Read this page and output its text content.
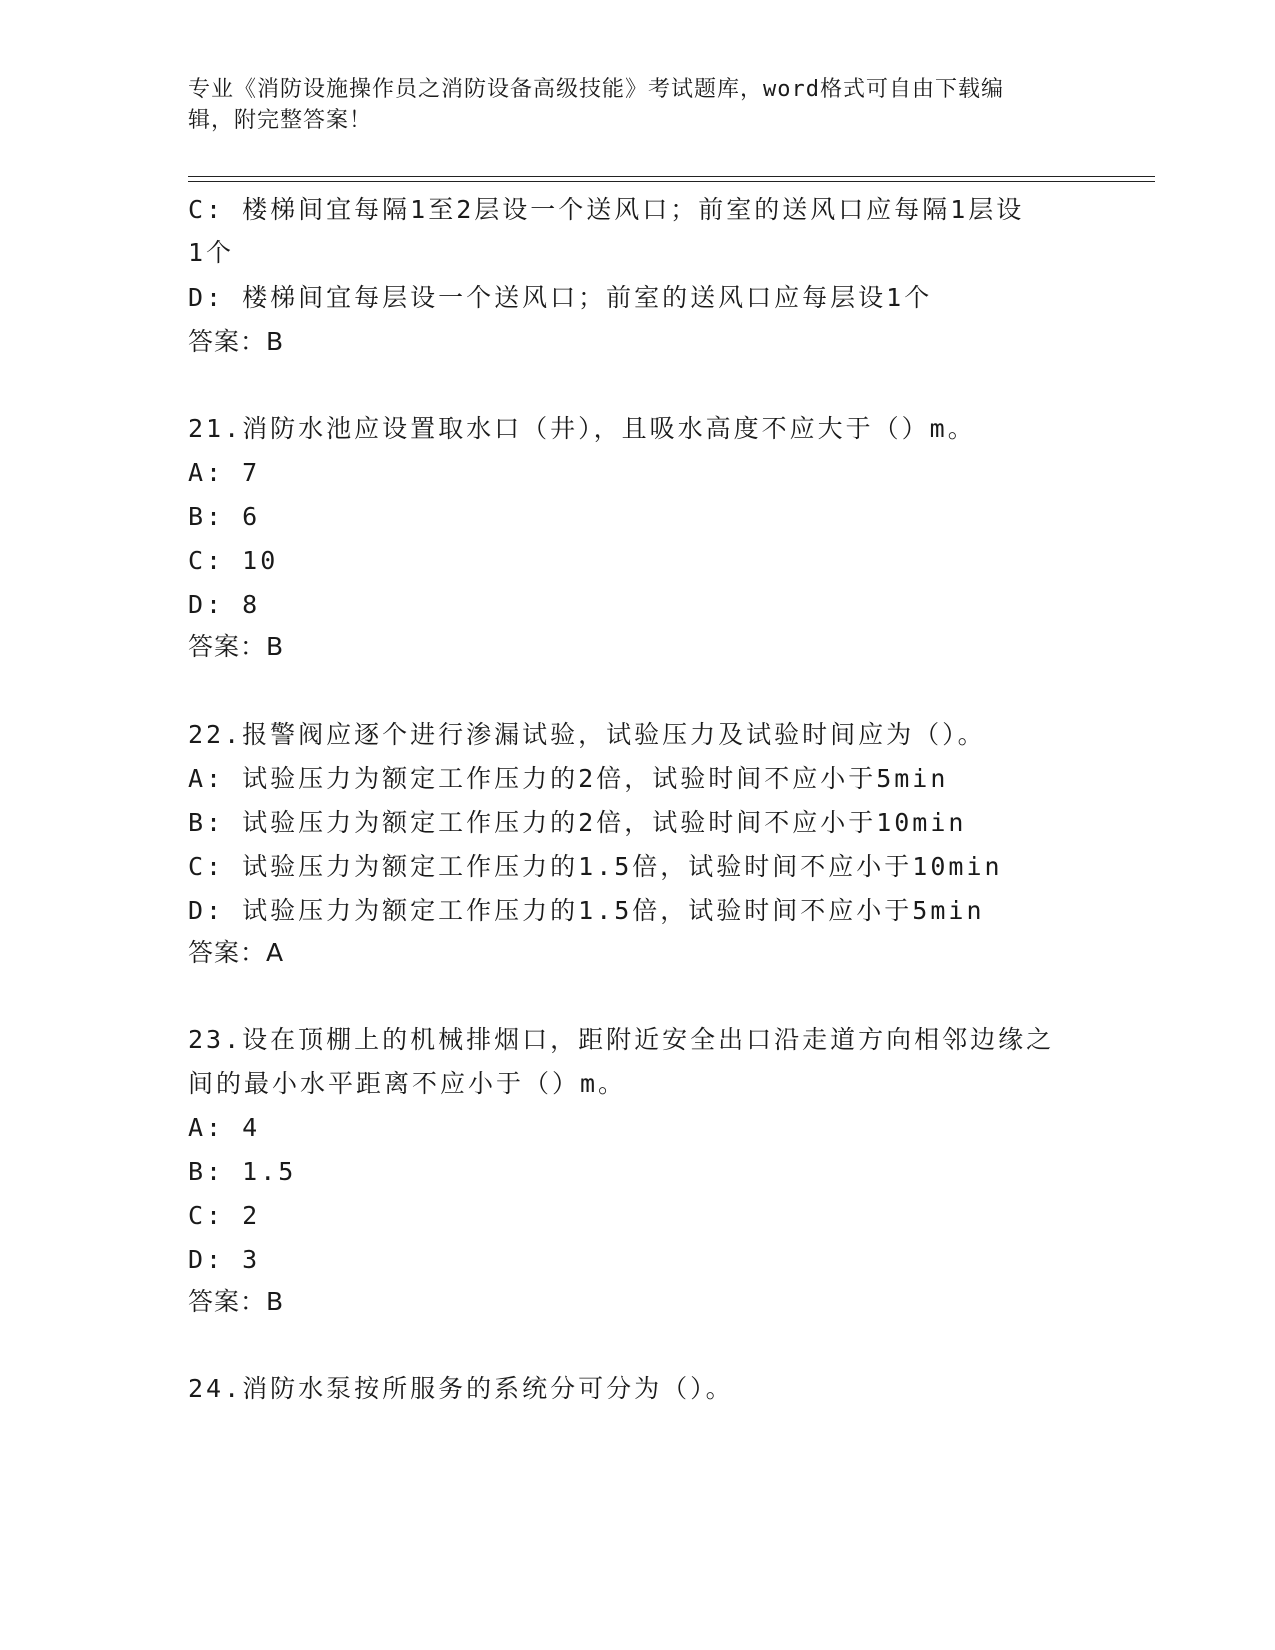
专业《消防设施操作员之消防设备高级技能》考试题库，word格式可自由下载编
辑，附完整答案！
C: 楼梯间宜每隔1至2层设一个送风口；前室的送风口应每隔1层设
1个
D: 楼梯间宜每层设一个送风口；前室的送风口应每层设1个
答案：B
21.消防水池应设置取水口（井），且吸水高度不应大于（）m。
A: 7
B: 6
C: 10
D: 8
答案：B
22.报警阀应逐个进行渗漏试验，试验压力及试验时间应为（）。
A: 试验压力为额定工作压力的2倍，试验时间不应小于5min
B: 试验压力为额定工作压力的2倍，试验时间不应小于10min
C: 试验压力为额定工作压力的1.5倍，试验时间不应小于10min
D: 试验压力为额定工作压力的1.5倍，试验时间不应小于5min
答案：A
23.设在顶棚上的机械排烟口，距附近安全出口沿走道方向相邻边缘之
间的最小水平距离不应小于（）m。
A: 4
B: 1.5
C: 2
D: 3
答案：B
24.消防水泵按所服务的系统分可分为（）。
